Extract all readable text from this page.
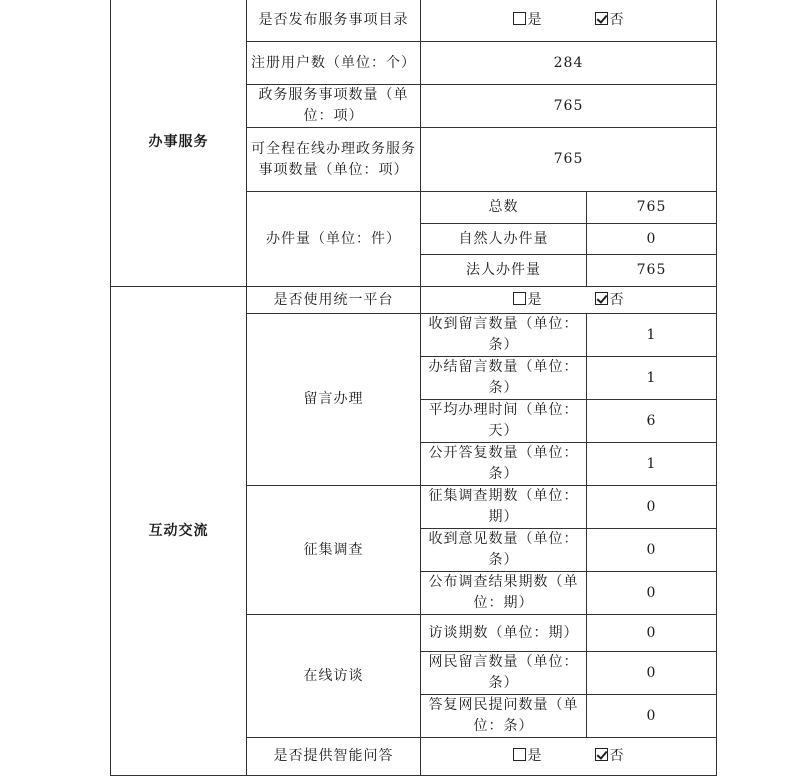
办事服务	是否发布服务事项目录	是 否	
	注册用户数（单位：个）	284	
	政务服务事项数量（单位：项）	765	
	可全程在线办理政务服务事项数量（单位：项）	765	
	办件量（单位：件）	总数	765
		自然人办件量	0
		法人办件量	765
互动交流	是否使用统一平台	是 否	
	留言办理	收到留言数量（单位：条）	1
		办结留言数量（单位：条）	1
		平均办理时间（单位：天）	6
		公开答复数量（单位：条）	1
	征集调查	征集调查期数（单位：期）	0
		收到意见数量（单位：条）	0
		公布调查结果期数（单位：期）	0
	在线访谈	访谈期数（单位：期）	0
		网民留言数量（单位：条）	0
		答复网民提问数量（单位：条）	0
	是否提供智能问答	是 否	
